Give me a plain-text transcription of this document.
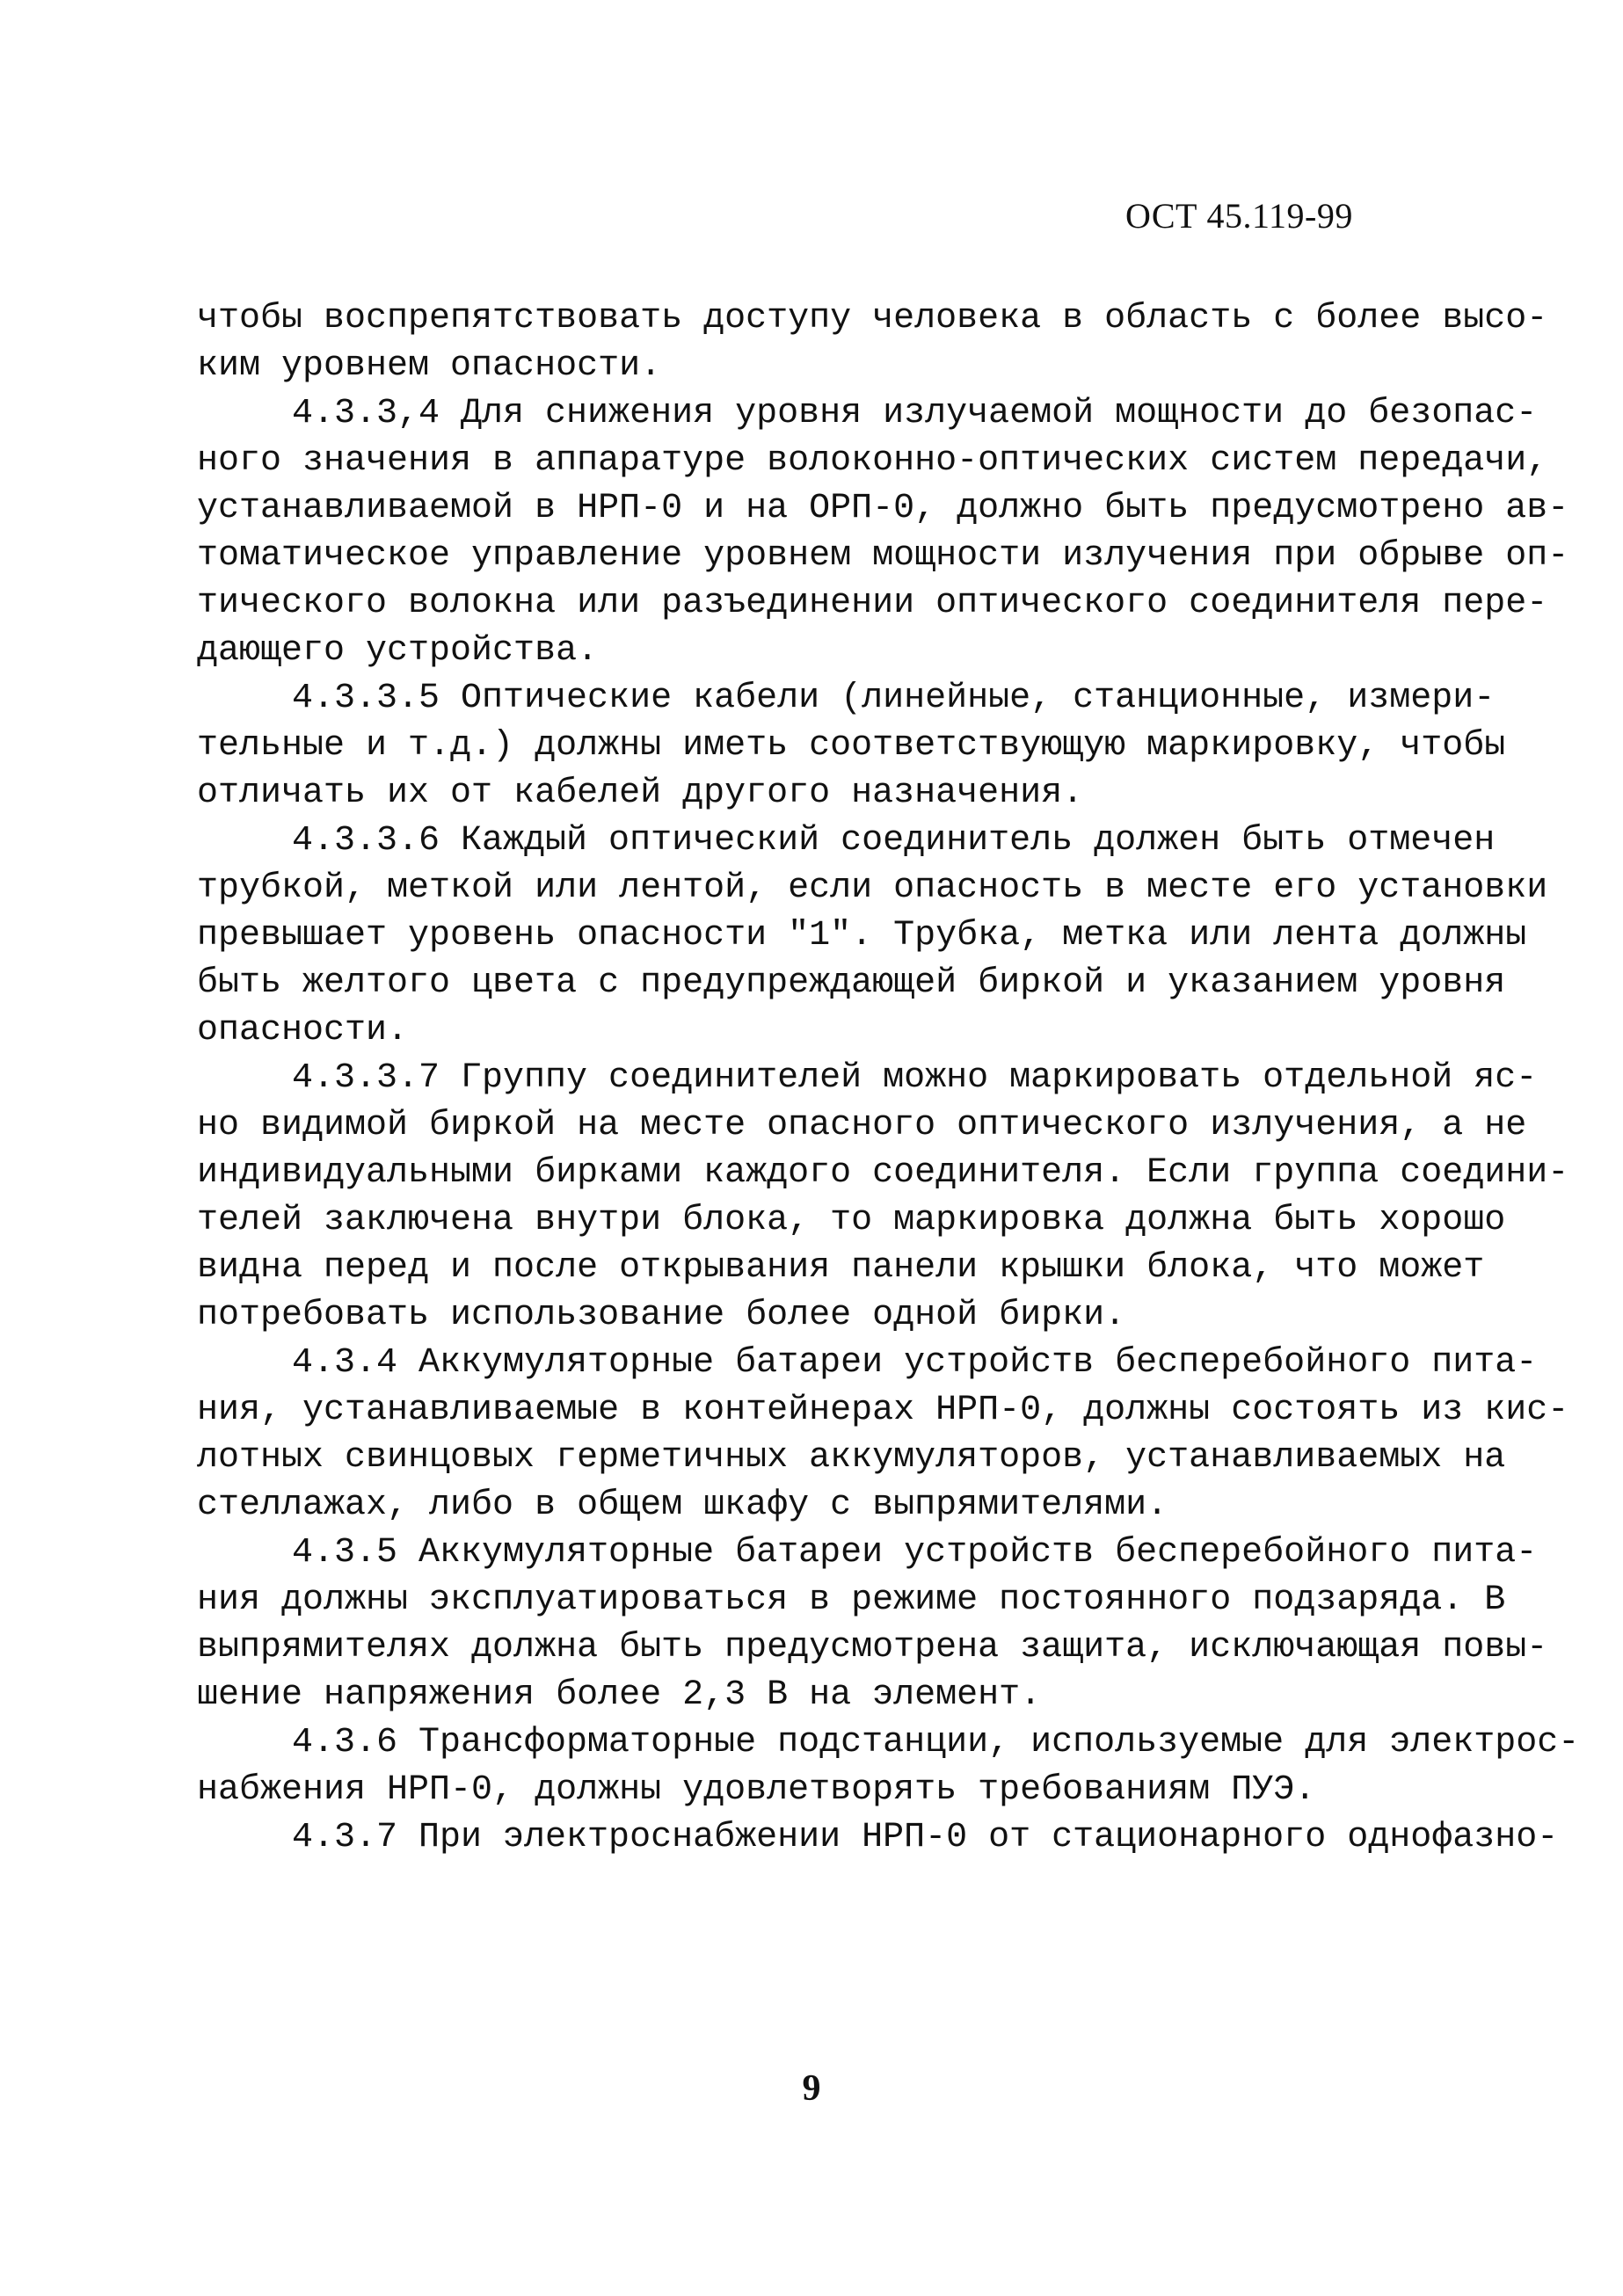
ОСТ 45.119-99
чтобы воспрепятствовать доступу человека в область с более высо-
ким уровнем опасности.
4.3.3,4 Для снижения уровня излучаемой мощности до безопас-
ного значения в аппаратуре волоконно-оптических систем передачи,
устанавливаемой в НРП-0 и на ОРП-0, должно быть предусмотрено ав-
томатическое управление уровнем мощности излучения при обрыве оп-
тического волокна или разъединении оптического соединителя пере-
дающего устройства.
4.3.3.5 Оптические кабели (линейные, станционные, измери-
тельные и т.д.) должны иметь соответствующую маркировку, чтобы
отличать их от кабелей другого назначения.
4.3.3.6 Каждый оптический соединитель должен быть отмечен
трубкой, меткой или лентой, если опасность в месте его установки
превышает уровень опасности "1". Трубка, метка или лента должны
быть желтого цвета с предупреждающей биркой и указанием уровня
опасности.
4.3.3.7 Группу соединителей можно маркировать отдельной яс-
но видимой биркой на месте опасного оптического излучения, а не
индивидуальными бирками каждого соединителя. Если группа соедини-
телей заключена внутри блока, то маркировка должна быть хорошо
видна перед и после открывания панели крышки блока, что может
потребовать использование более одной бирки.
4.3.4 Аккумуляторные батареи устройств бесперебойного пита-
ния, устанавливаемые в контейнерах НРП-0, должны состоять из кис-
лотных свинцовых герметичных аккумуляторов, устанавливаемых на
стеллажах, либо в общем шкафу с выпрямителями.
4.3.5 Аккумуляторные батареи устройств бесперебойного пита-
ния должны эксплуатироваться в режиме постоянного подзаряда. В
выпрямителях должна быть предусмотрена защита, исключающая повы-
шение напряжения более 2,3 В на элемент.
4.3.6 Трансформаторные подстанции, используемые для электрос-
набжения НРП-0, должны удовлетворять требованиям ПУЭ.
4.3.7 При электроснабжении НРП-0 от стационарного однофазно-
9
